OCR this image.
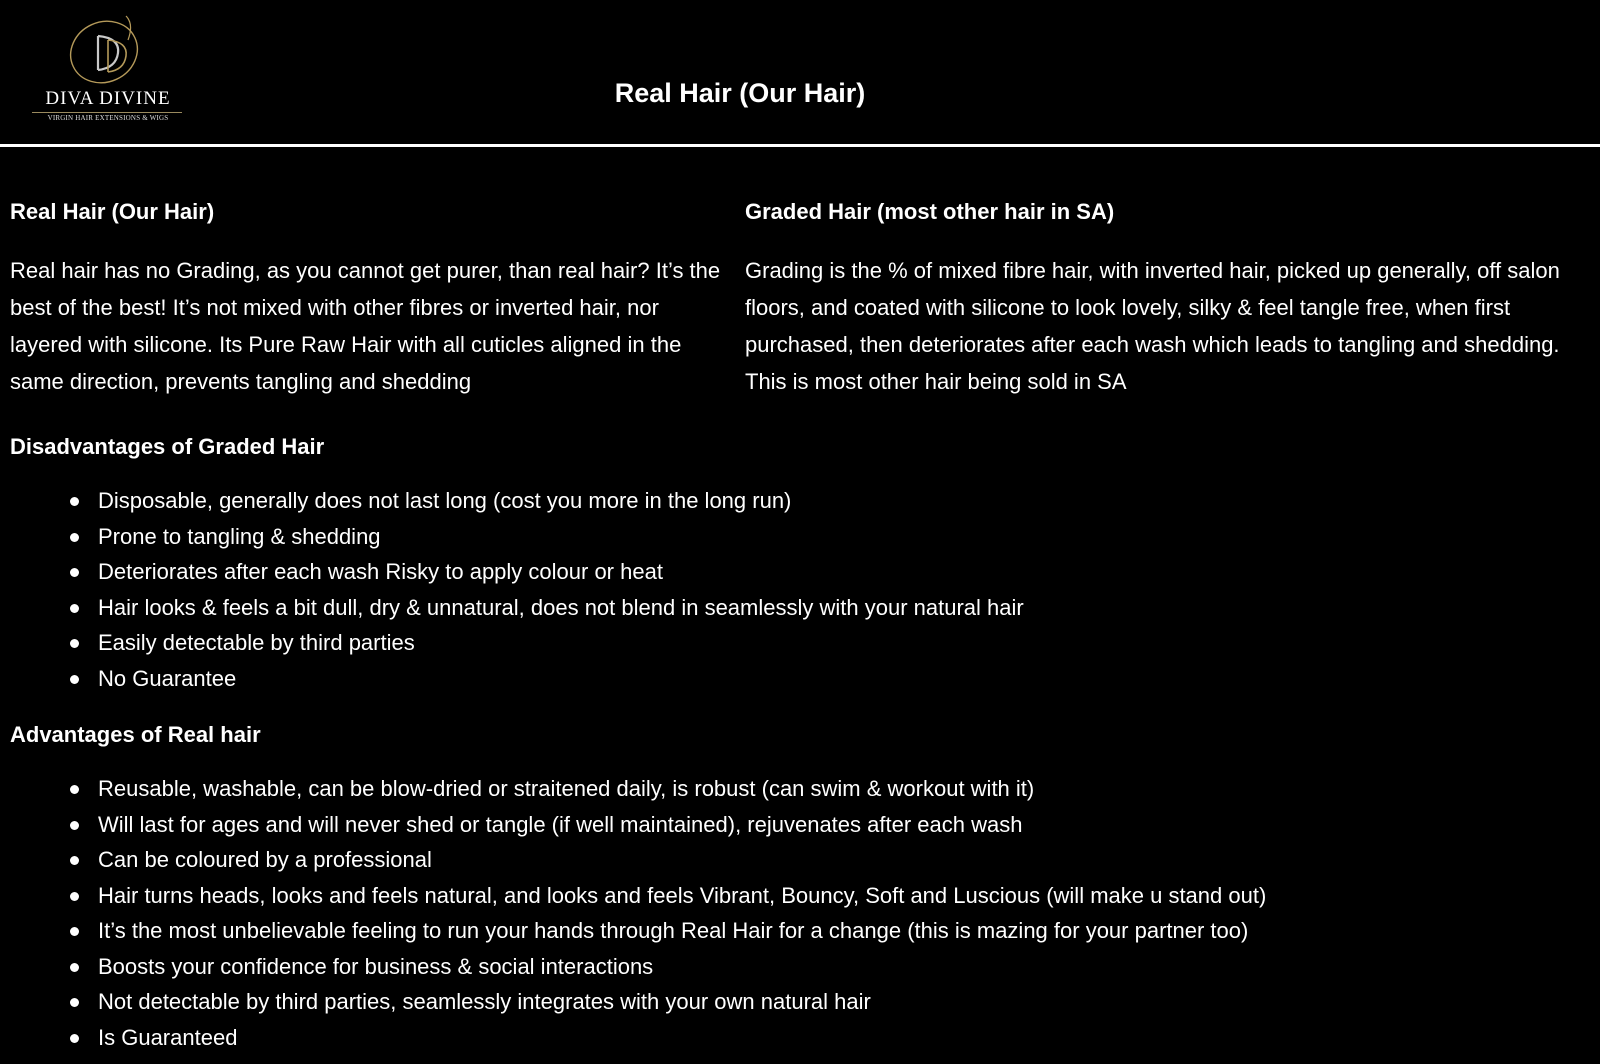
DIVA DIVINE
VIRGIN HAIR EXTENSIONS & WIGS
Real Hair (Our Hair)
Real Hair (Our Hair)

Real hair has no Grading, as you cannot get purer, than real hair? It’s the best of the best! It’s not mixed with other fibres or inverted hair, nor layered with silicone. Its Pure Raw Hair with all cuticles aligned in the same direction, prevents tangling and shedding

Graded Hair (most other hair in SA)

Grading is the % of mixed fibre hair, with inverted hair, picked up generally, off salon floors, and coated with silicone to look lovely, silky & feel tangle free, when first purchased, then deteriorates after each wash which leads to tangling and shedding. This is most other hair being sold in SA

Disadvantages of Graded Hair
Disposable, generally does not last long (cost you more in the long run)
Prone to tangling & shedding
Deteriorates after each wash Risky to apply colour or heat
Hair looks & feels a bit dull, dry & unnatural, does not blend in seamlessly with your natural hair
Easily detectable by third parties
No Guarantee
Advantages of Real hair
Reusable, washable, can be blow-dried or straitened daily, is robust (can swim & workout with it)
Will last for ages and will never shed or tangle (if well maintained), rejuvenates after each wash
Can be coloured by a professional
Hair turns heads, looks and feels natural, and looks and feels Vibrant, Bouncy, Soft and Luscious (will make u stand out)
It’s the most unbelievable feeling to run your hands through Real Hair for a change (this is mazing for your partner too)
Boosts your confidence for business & social interactions
Not detectable by third parties, seamlessly integrates with your own natural hair
Is Guaranteed
